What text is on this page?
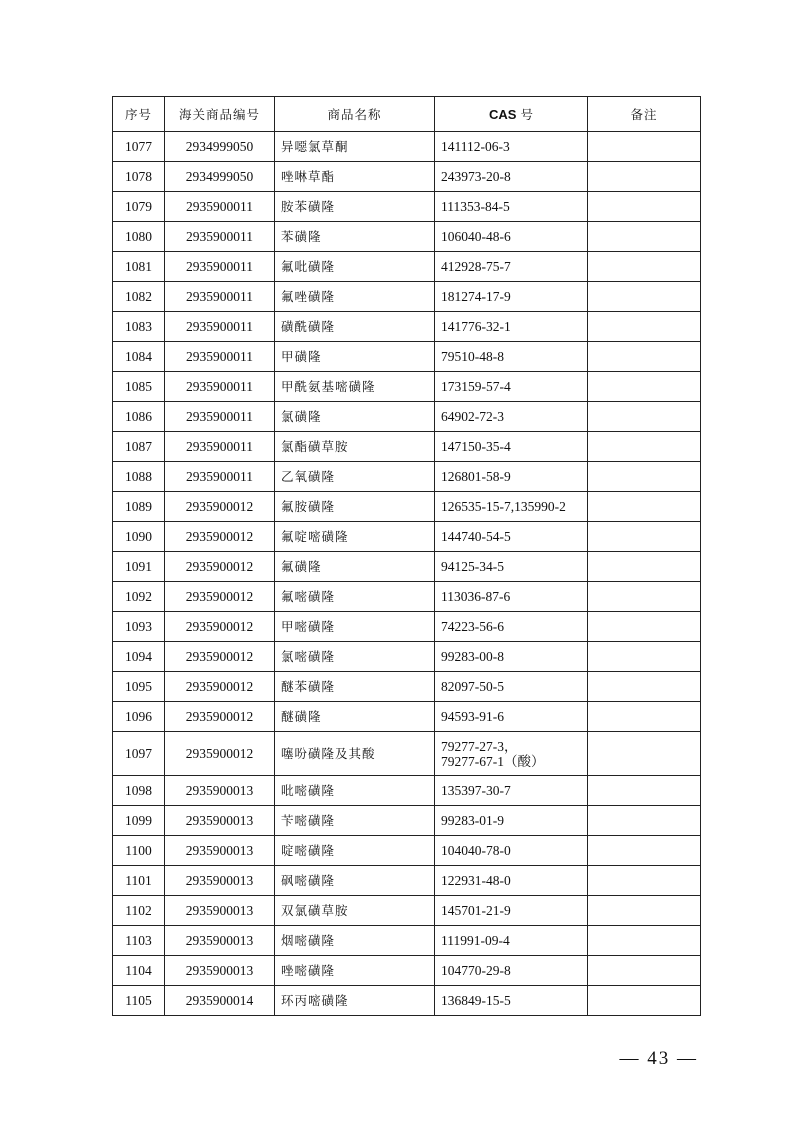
序号	海关商品编号	商品名称	CAS 号	备注
1077	2934999050	异噁氯草酮	141112-06-3	
1078	2934999050	唑啉草酯	243973-20-8	
1079	2935900011	胺苯磺隆	111353-84-5	
1080	2935900011	苯磺隆	106040-48-6	
1081	2935900011	氟吡磺隆	412928-75-7	
1082	2935900011	氟唑磺隆	181274-17-9	
1083	2935900011	磺酰磺隆	141776-32-1	
1084	2935900011	甲磺隆	79510-48-8	
1085	2935900011	甲酰氨基嘧磺隆	173159-57-4	
1086	2935900011	氯磺隆	64902-72-3	
1087	2935900011	氯酯磺草胺	147150-35-4	
1088	2935900011	乙氧磺隆	126801-58-9	
1089	2935900012	氟胺磺隆	126535-15-7,135990-2	
1090	2935900012	氟啶嘧磺隆	144740-54-5	
1091	2935900012	氟磺隆	94125-34-5	
1092	2935900012	氟嘧磺隆	113036-87-6	
1093	2935900012	甲嘧磺隆	74223-56-6	
1094	2935900012	氯嘧磺隆	99283-00-8	
1095	2935900012	醚苯磺隆	82097-50-5	
1096	2935900012	醚磺隆	94593-91-6	
1097	2935900012	噻吩磺隆及其酸	79277-27-3，
79277-67-1（酸）	
1098	2935900013	吡嘧磺隆	135397-30-7	
1099	2935900013	苄嘧磺隆	99283-01-9	
1100	2935900013	啶嘧磺隆	104040-78-0	
1101	2935900013	砜嘧磺隆	122931-48-0	
1102	2935900013	双氯磺草胺	145701-21-9	
1103	2935900013	烟嘧磺隆	111991-09-4	
1104	2935900013	唑嘧磺隆	104770-29-8	
1105	2935900014	环丙嘧磺隆	136849-15-5	
— 43 —
